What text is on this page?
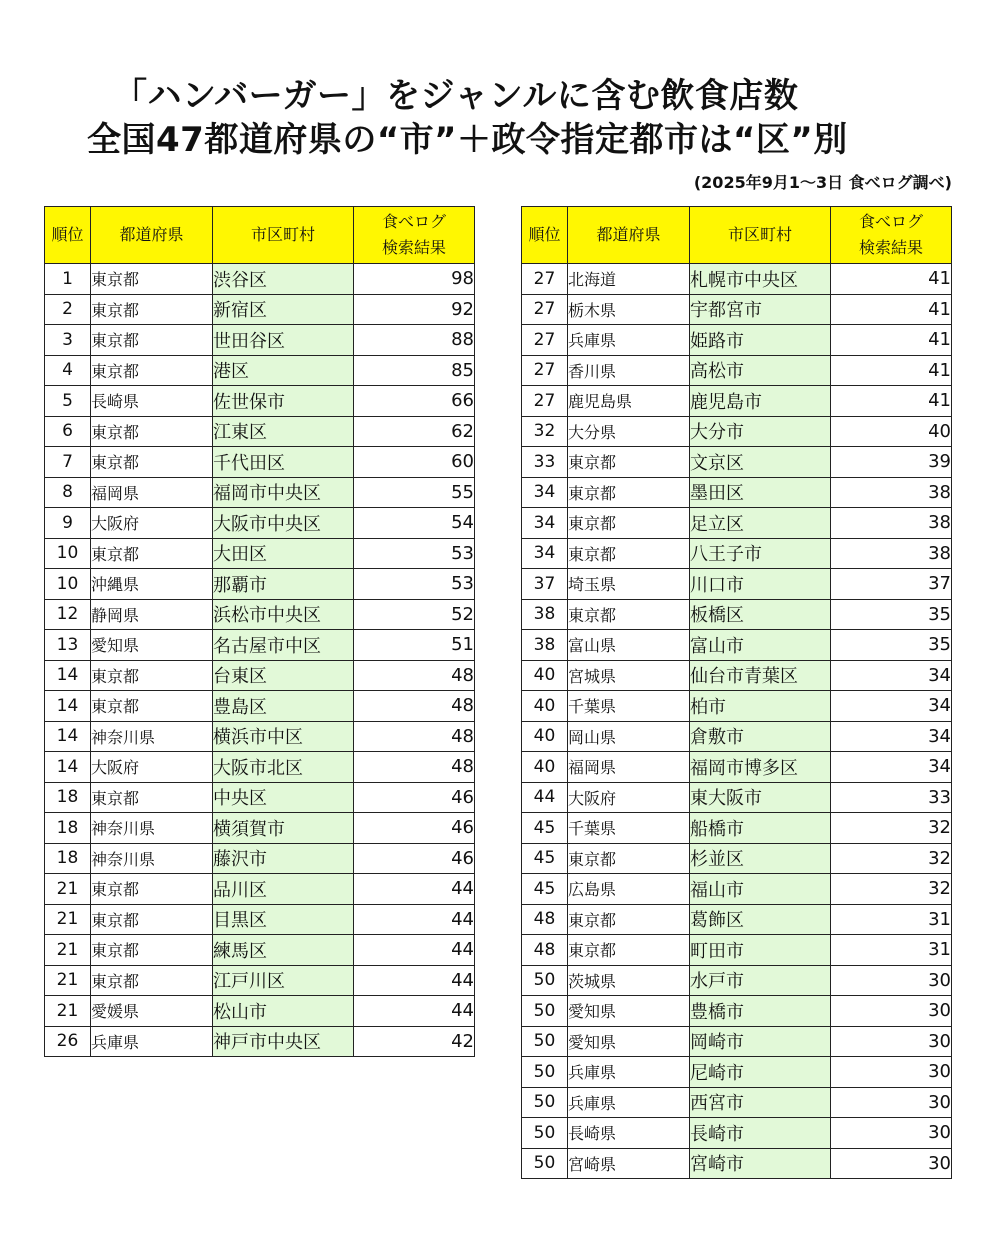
「ハンバーガー」をジャンルに含む飲食店数
全国47都道府県の“市”＋政令指定都市は“区”別
(2025年9月1～3日 食べログ調べ)
順位	都道府県	市区町村	食べログ
検索結果

1	東京都	渋谷区	98
2	東京都	新宿区	92
3	東京都	世田谷区	88
4	東京都	港区	85
5	長崎県	佐世保市	66
6	東京都	江東区	62
7	東京都	千代田区	60
8	福岡県	福岡市中央区	55
9	大阪府	大阪市中央区	54
10	東京都	大田区	53
10	沖縄県	那覇市	53
12	静岡県	浜松市中央区	52
13	愛知県	名古屋市中区	51
14	東京都	台東区	48
14	東京都	豊島区	48
14	神奈川県	横浜市中区	48
14	大阪府	大阪市北区	48
18	東京都	中央区	46
18	神奈川県	横須賀市	46
18	神奈川県	藤沢市	46
21	東京都	品川区	44
21	東京都	目黒区	44
21	東京都	練馬区	44
21	東京都	江戸川区	44
21	愛媛県	松山市	44
26	兵庫県	神戸市中央区	42
順位	都道府県	市区町村	食べログ
検索結果

27	北海道	札幌市中央区	41
27	栃木県	宇都宮市	41
27	兵庫県	姫路市	41
27	香川県	高松市	41
27	鹿児島県	鹿児島市	41
32	大分県	大分市	40
33	東京都	文京区	39
34	東京都	墨田区	38
34	東京都	足立区	38
34	東京都	八王子市	38
37	埼玉県	川口市	37
38	東京都	板橋区	35
38	富山県	富山市	35
40	宮城県	仙台市青葉区	34
40	千葉県	柏市	34
40	岡山県	倉敷市	34
40	福岡県	福岡市博多区	34
44	大阪府	東大阪市	33
45	千葉県	船橋市	32
45	東京都	杉並区	32
45	広島県	福山市	32
48	東京都	葛飾区	31
48	東京都	町田市	31
50	茨城県	水戸市	30
50	愛知県	豊橋市	30
50	愛知県	岡崎市	30
50	兵庫県	尼崎市	30
50	兵庫県	西宮市	30
50	長崎県	長崎市	30
50	宮崎県	宮崎市	30
